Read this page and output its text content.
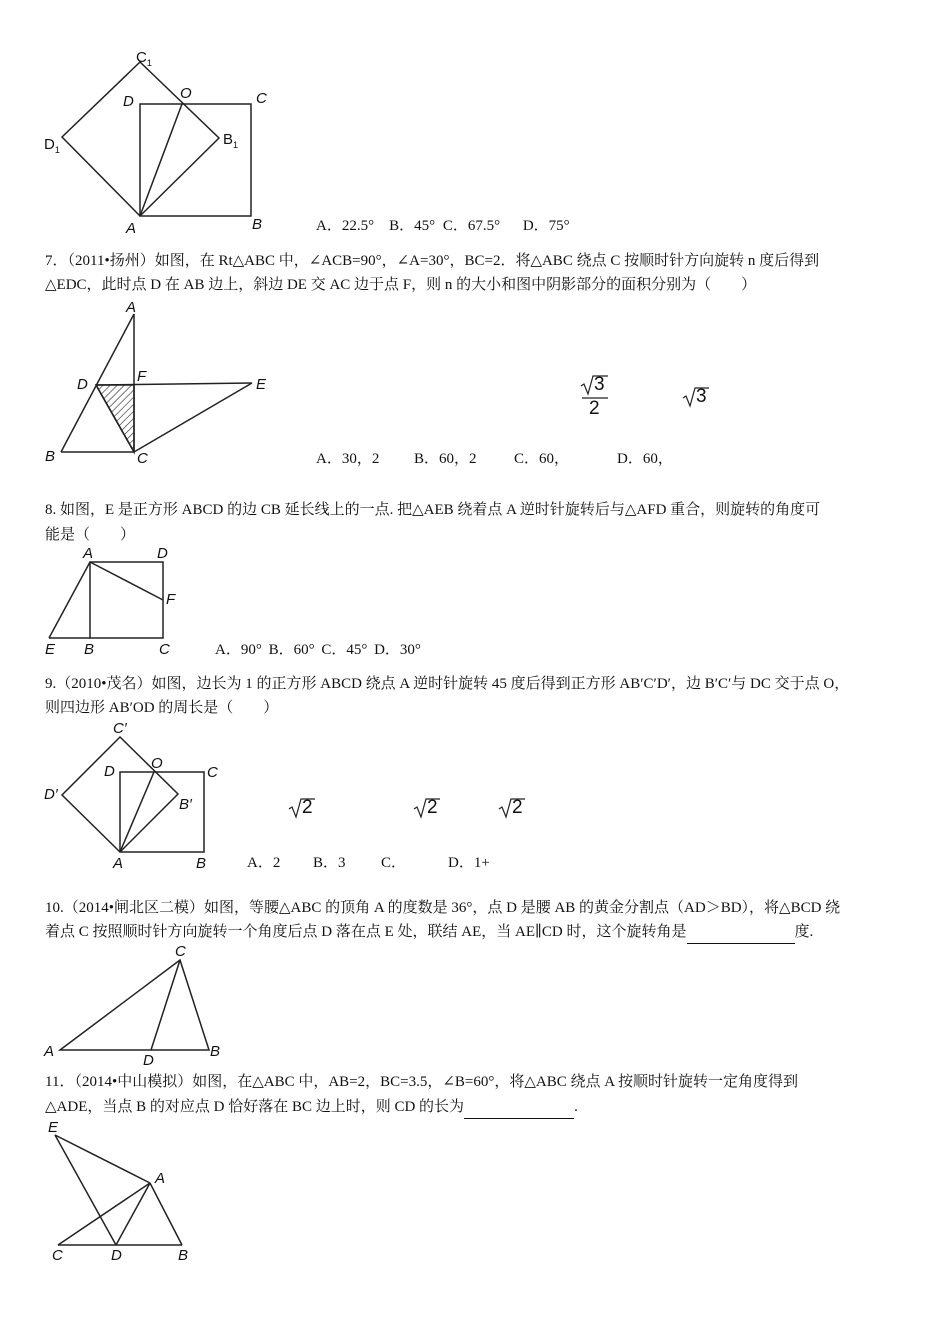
$C_1$
D	O	C
$D_1$
$B_1$
A	B	A．22.5°　B．45° C．67.5°　 D．75°
7．（2011•扬州）如图，在 Rt△ABC 中，∠ACB=90°，∠A=30°，BC=2．将△ABC 绕点 C 按顺时针方向旋转 n 度后得到
△EDC，此时点 D 在 AB 边上，斜边 DE 交 AC 边于点 F，则 n 的大小和图中阴影部分的面积分别为（　　）
A
D	F	E
B	C
3
2
3
A．30，2 B．60，2 C．60，	D．60，
8. 如图，E 是正方形 ABCD 的边 CB 延长线上的一点. 把△AEB 绕着点 A 逆时针旋转后与△AFD 重合，则旋转的角度可
能是（　　）
A	D
F
E B	C	A．90° B．60° C．45° D．30°
9.（2010•茂名）如图，边长为 1 的正方形 ABCD 绕点 A 逆时针旋转 45 度后得到正方形 AB′C′D′，边 B′C′与 DC 交于点 O，
则四边形 AB′OD 的周长是（　　）
C′
D O
C
D′
B′
A	B
2	2	2
A．2 B．3 C．	D．1+
10.（2014•闸北区二模）如图，等腰△ABC 的顶角 A 的度数是 36°，点 D 是腰 AB 的黄金分割点（AD＞BD），将△BCD 绕
着点 C 按照顺时针方向旋转一个角度后点 D 落在点 E 处，联结 AE，当 AE∥CD 时，这个旋转角是	度.
C
A
D
B
11．（2014•中山模拟）如图，在△ABC 中，AB=2，BC=3.5，∠B=60°，将△ABC 绕点 A 按顺时针旋转一定角度得到
△ADE，当点 B 的对应点 D 恰好落在 BC 边上时，则 CD 的长为	.
E
A
C	D	B
